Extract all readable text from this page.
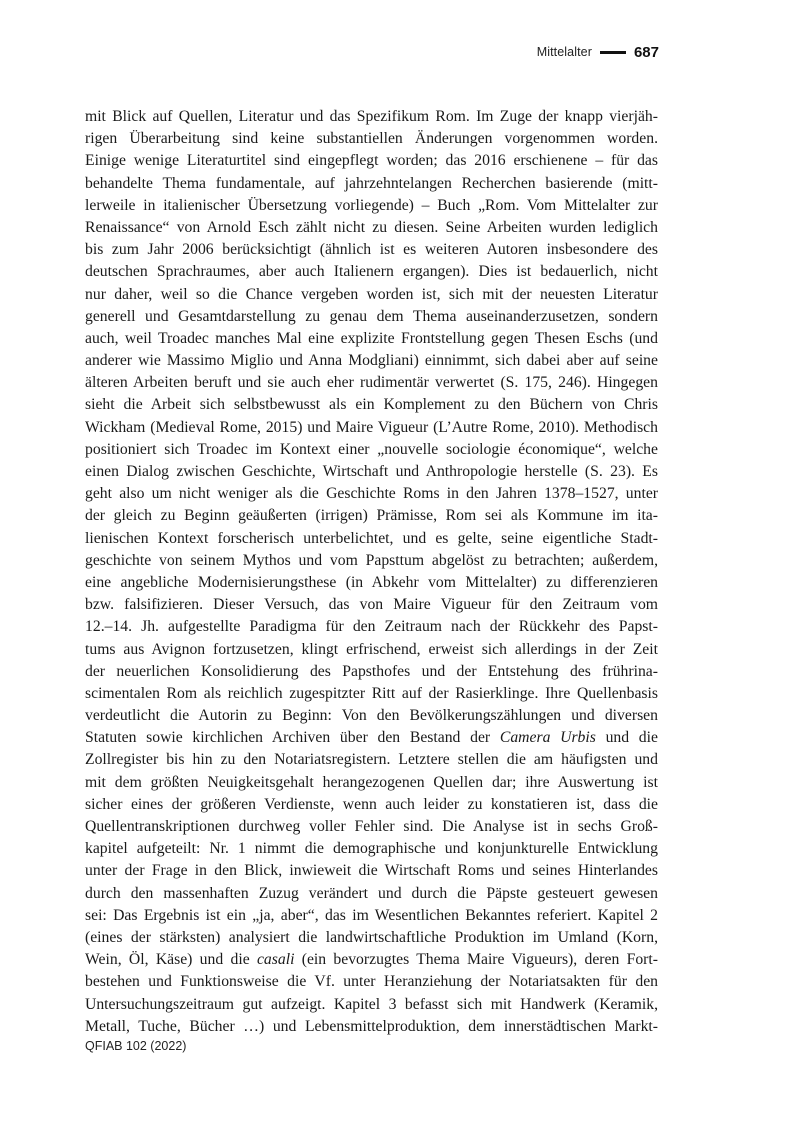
Mittelalter	687
mit Blick auf Quellen, Literatur und das Spezifikum Rom. Im Zuge der knapp vierjäh-
rigen Überarbeitung sind keine substantiellen Änderungen vorgenommen worden.
Einige wenige Literaturtitel sind eingepflegt worden; das 2016 erschienene – für das
behandelte Thema fundamentale, auf jahrzehntelangen Recherchen basierende (mitt-
lerweile in italienischer Übersetzung vorliegende) – Buch „Rom. Vom Mittelalter zur
Renaissance“ von Arnold Esch zählt nicht zu diesen. Seine Arbeiten wurden lediglich
bis zum Jahr 2006 berücksichtigt (ähnlich ist es weiteren Autoren insbesondere des
deutschen Sprachraumes, aber auch Italienern ergangen). Dies ist bedauerlich, nicht
nur daher, weil so die Chance vergeben worden ist, sich mit der neuesten Literatur
generell und Gesamtdarstellung zu genau dem Thema auseinanderzusetzen, sondern
auch, weil Troadec manches Mal eine explizite Frontstellung gegen Thesen Eschs (und
anderer wie Massimo Miglio und Anna Modgliani) einnimmt, sich dabei aber auf seine
älteren Arbeiten beruft und sie auch eher rudimentär verwertet (S. 175, 246). Hingegen
sieht die Arbeit sich selbstbewusst als ein Komplement zu den Büchern von Chris
Wickham (Medieval Rome, 2015) und Maire Vigueur (L’Autre Rome, 2010). Methodisch
positioniert sich Troadec im Kontext einer „nouvelle sociologie économique“, welche
einen Dialog zwischen Geschichte, Wirtschaft und Anthropologie herstelle (S. 23). Es
geht also um nicht weniger als die Geschichte Roms in den Jahren 1378–1527, unter
der gleich zu Beginn geäußerten (irrigen) Prämisse, Rom sei als Kommune im ita-
lienischen Kontext forscherisch unterbelichtet, und es gelte, seine eigentliche Stadt-
geschichte von seinem Mythos und vom Papsttum abgelöst zu betrachten; außerdem,
eine angebliche Modernisierungsthese (in Abkehr vom Mittelalter) zu differenzieren
bzw. falsifizieren. Dieser Versuch, das von Maire Vigueur für den Zeitraum vom
12.–14. Jh. aufgestellte Paradigma für den Zeitraum nach der Rückkehr des Papst-
tums aus Avignon fortzusetzen, klingt erfrischend, erweist sich allerdings in der Zeit
der neuerlichen Konsolidierung des Papsthofes und der Entstehung des frührina-
scimentalen Rom als reichlich zugespitzter Ritt auf der Rasierklinge. Ihre Quellenbasis
verdeutlicht die Autorin zu Beginn: Von den Bevölkerungszählungen und diversen
Statuten sowie kirchlichen Archiven über den Bestand der Camera Urbis und die
Zollregister bis hin zu den Notariatsregistern. Letztere stellen die am häufigsten und
mit dem größten Neuigkeitsgehalt herangezogenen Quellen dar; ihre Auswertung ist
sicher eines der größeren Verdienste, wenn auch leider zu konstatieren ist, dass die
Quellentranskriptionen durchweg voller Fehler sind. Die Analyse ist in sechs Groß-
kapitel aufgeteilt: Nr. 1 nimmt die demographische und konjunkturelle Entwicklung
unter der Frage in den Blick, inwieweit die Wirtschaft Roms und seines Hinterlandes
durch den massenhaften Zuzug verändert und durch die Päpste gesteuert gewesen
sei: Das Ergebnis ist ein „ja, aber“, das im Wesentlichen Bekanntes referiert. Kapitel 2
(eines der stärksten) analysiert die landwirtschaftliche Produktion im Umland (Korn,
Wein, Öl, Käse) und die casali (ein bevorzugtes Thema Maire Vigueurs), deren Fort-
bestehen und Funktionsweise die Vf. unter Heranziehung der Notariatsakten für den
Untersuchungszeitraum gut aufzeigt. Kapitel 3 befasst sich mit Handwerk (Keramik,
Metall, Tuche, Bücher …) und Lebensmittelproduktion, dem innerstädtischen Markt-
QFIAB 102 (2022)
